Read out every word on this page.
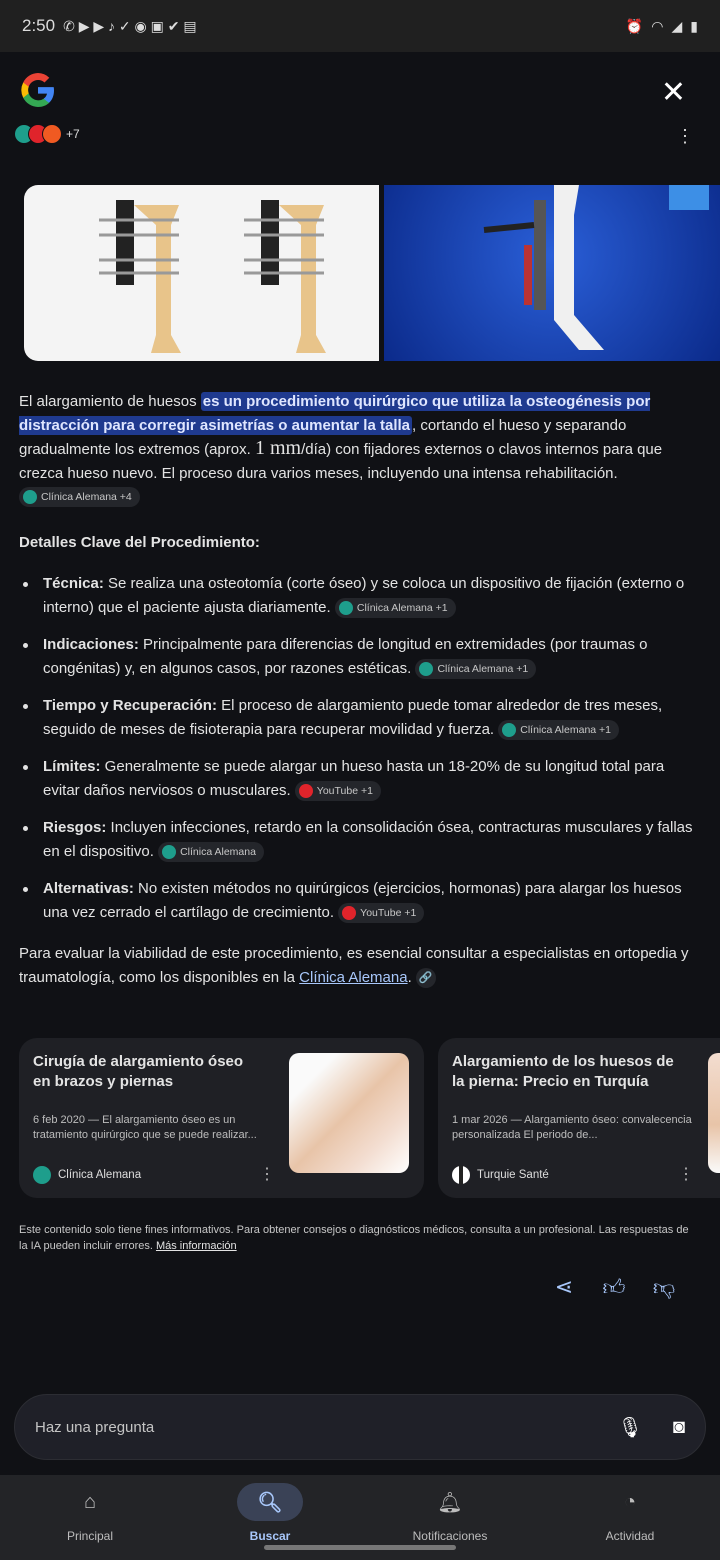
2:50 ✆ ▶ ▶ ♪ ✓ ◉ ▣ ✔ ▤	⏰ ◠ ◢ ▮
✕
+7	⋮

El alargamiento de huesos es un procedimiento quirúrgico que utiliza la osteogénesis por distracción para corregir asimetrías o aumentar la talla , cortando el hueso y separando gradualmente los extremos (aprox. 1 mm/día) con fijadores externos o clavos internos para que crezca hueso nuevo. El proceso dura varios meses, incluyendo una intensa rehabilitación.
Clínica Alemana +4

Detalles Clave del Procedimiento:
Técnica: Se realiza una osteotomía (corte óseo) y se coloca un dispositivo de fijación (externo o interno) que el paciente ajusta diariamente. Clínica Alemana +1
Indicaciones: Principalmente para diferencias de longitud en extremidades (por traumas o congénitas) y, en algunos casos, por razones estéticas. Clínica Alemana +1
Tiempo y Recuperación: El proceso de alargamiento puede tomar alrededor de tres meses, seguido de meses de fisioterapia para recuperar movilidad y fuerza. Clínica Alemana +1
Límites: Generalmente se puede alargar un hueso hasta un 18-20% de su longitud total para evitar daños nerviosos o musculares. YouTube +1
Riesgos: Incluyen infecciones, retardo en la consolidación ósea, contracturas musculares y fallas en el dispositivo. Clínica Alemana
Alternativas: No existen métodos no quirúrgicos (ejercicios, hormonas) para alargar los huesos una vez cerrado el cartílago de crecimiento. YouTube +1

Para evaluar la viabilidad de este procedimiento, es esencial consultar a especialistas en ortopedia y traumatología, como los disponibles en la Clínica Alemana. 🔗

Cirugía de alargamiento óseo en brazos y piernas
6 feb 2020 — El alargamiento óseo es un tratamiento quirúrgico que se puede realizar...
Clínica Alemana	⋮
Alargamiento de los huesos de la pierna: Precio en Turquía
1 mar 2026 — Alargamiento óseo: convalecencia personalizada El periodo de...
Turquie Santé	⋮
Este contenido solo tiene fines informativos. Para obtener consejos o diagnósticos médicos, consulta a un profesional. Las respuestas de la IA pueden incluir errores. Más información
⋖ 👍︎ 👎︎
Haz una pregunta
🎙︎ ◙
⌂
Principal
🔍︎
Buscar
🔔︎
Notificaciones
◔
Actividad
